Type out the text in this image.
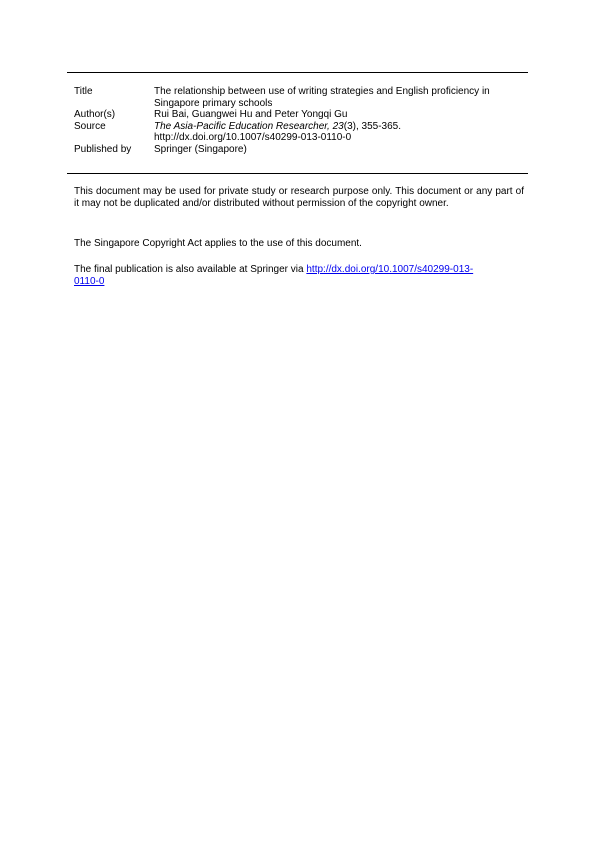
Title	The relationship between use of writing strategies and English proficiency in
Singapore primary schools
Author(s)	Rui Bai, Guangwei Hu and Peter Yongqi Gu
Source	The Asia-Pacific Education Researcher, 23(3), 355-365.
http://dx.doi.org/10.1007/s40299-013-0110-0
Published by	Springer (Singapore)
This document may be used for private study or research purpose only. This document or any part of it may not be duplicated and/or distributed without permission of the copyright owner.
The Singapore Copyright Act applies to the use of this document.
The final publication is also available at Springer via http://dx.doi.org/10.1007/s40299-013-
0110-0
